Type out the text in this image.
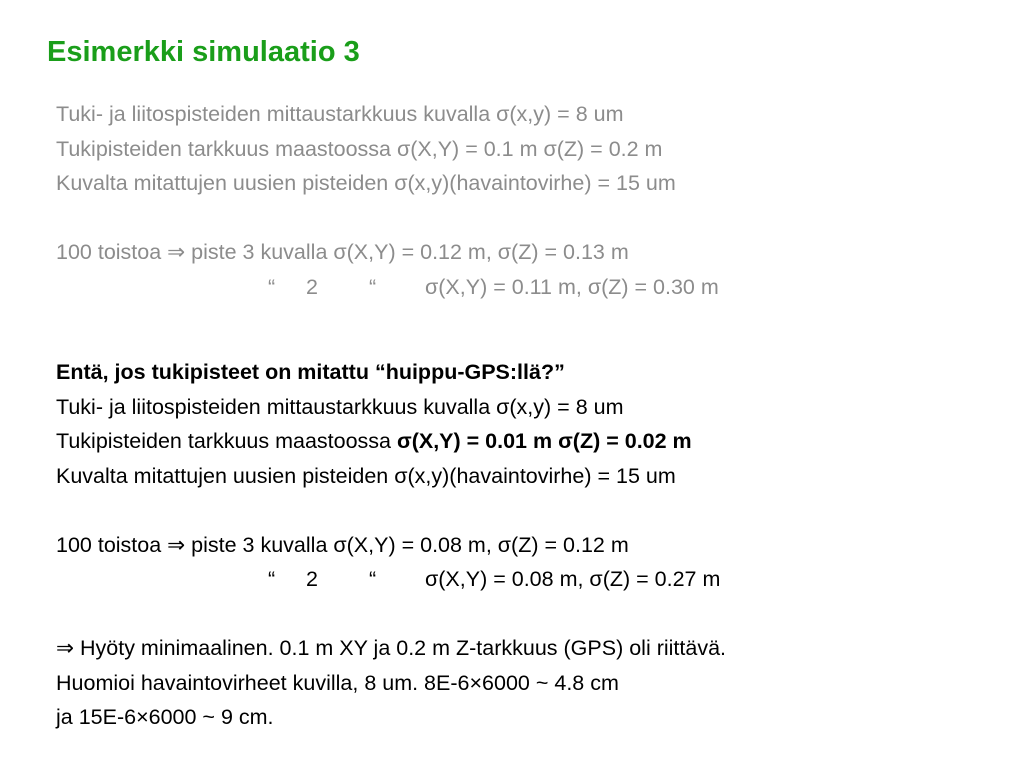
Esimerkki simulaatio 3
Tuki- ja liitospisteiden mittaustarkkuus kuvalla σ(x,y) = 8 um
Tukipisteiden tarkkuus maastoossa σ(X,Y) = 0.1 m σ(Z) = 0.2 m
Kuvalta mitattujen uusien pisteiden σ(x,y)(havaintovirhe) = 15 um
100 toistoa ⇒ piste 3 kuvalla σ(X,Y) = 0.12 m, σ(Z) = 0.13 m
“ 2 “ σ(X,Y) = 0.11 m, σ(Z) = 0.30 m
Entä, jos tukipisteet on mitattu “huippu-GPS:llä?”
Tuki- ja liitospisteiden mittaustarkkuus kuvalla σ(x,y) = 8 um
Tukipisteiden tarkkuus maastoossa σ(X,Y) = 0.01 m σ(Z) = 0.02 m
Kuvalta mitattujen uusien pisteiden σ(x,y)(havaintovirhe) = 15 um
100 toistoa ⇒ piste 3 kuvalla σ(X,Y) = 0.08 m, σ(Z) = 0.12 m
“ 2 “ σ(X,Y) = 0.08 m, σ(Z) = 0.27 m
⇒ Hyöty minimaalinen. 0.1 m XY ja 0.2 m Z-tarkkuus (GPS) oli riittävä.
Huomioi havaintovirheet kuvilla, 8 um. 8E-6×6000 ~ 4.8 cm
ja 15E-6×6000 ~ 9 cm.
